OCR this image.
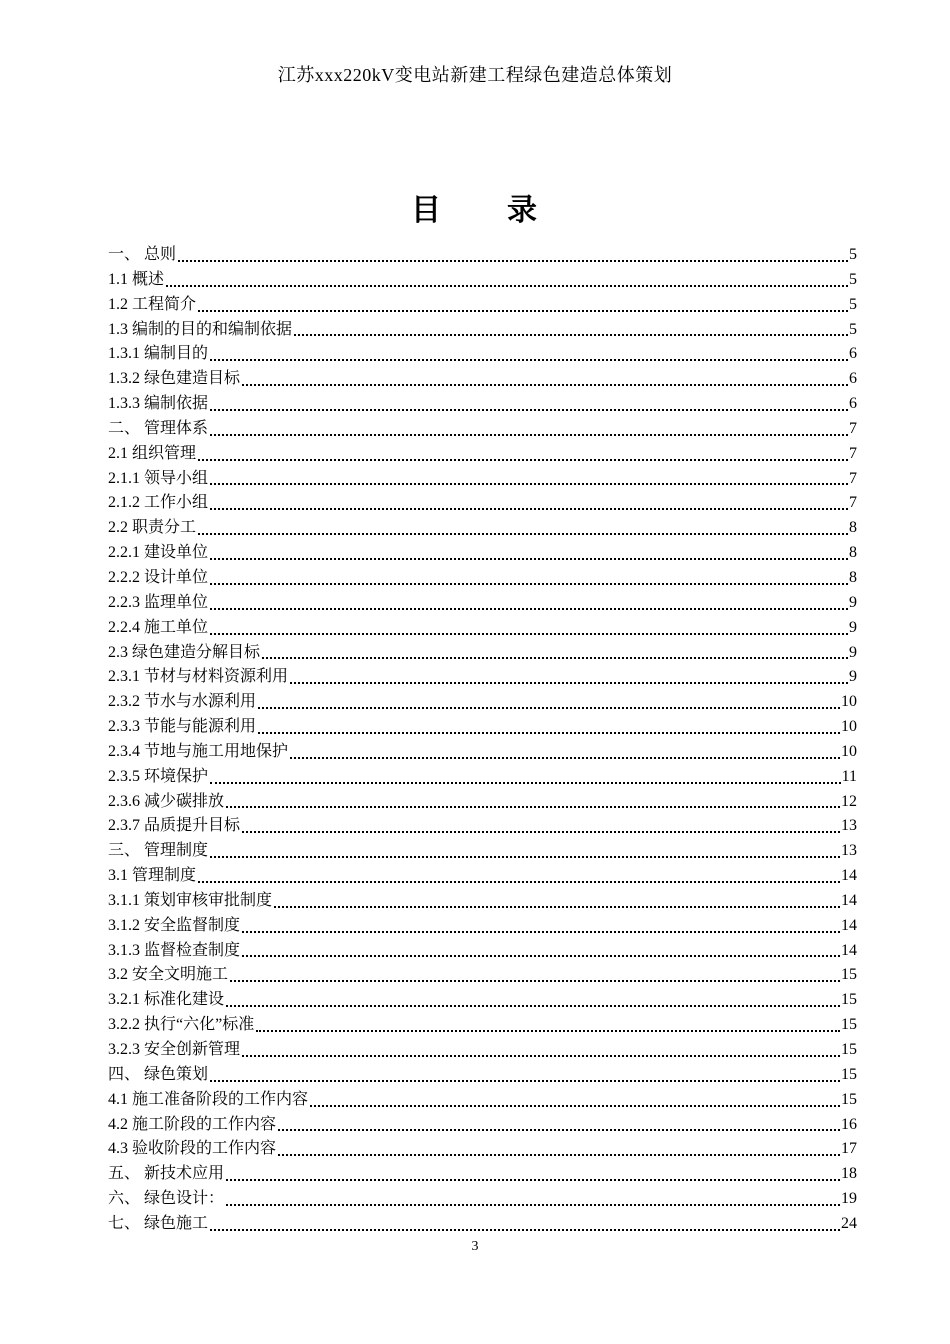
江苏xxx220kV变电站新建工程绿色建造总体策划
目　　录
一、 总则	5
1.1 概述	5
1.2 工程简介	5
1.3 编制的目的和编制依据	5
1.3.1 编制目的	6
1.3.2 绿色建造目标	6
1.3.3 编制依据	6
二、 管理体系	7
2.1 组织管理	7
2.1.1 领导小组	7
2.1.2 工作小组	7
2.2 职责分工	8
2.2.1 建设单位	8
2.2.2 设计单位	8
2.2.3 监理单位	9
2.2.4 施工单位	9
2.3 绿色建造分解目标	9
2.3.1 节材与材料资源利用	9
2.3.2 节水与水源利用	10
2.3.3 节能与能源利用	10
2.3.4 节地与施工用地保护	10
2.3.5 环境保护	11
2.3.6 减少碳排放	12
2.3.7 品质提升目标	13
三、 管理制度	13
3.1 管理制度	14
3.1.1 策划审核审批制度	14
3.1.2 安全监督制度	14
3.1.3 监督检查制度	14
3.2 安全文明施工	15
3.2.1 标准化建设	15
3.2.2 执行“六化”标准	15
3.2.3 安全创新管理	15
四、 绿色策划	15
4.1 施工准备阶段的工作内容	15
4.2 施工阶段的工作内容	16
4.3 验收阶段的工作内容	17
五、 新技术应用	18
六、 绿色设计：	19
七、 绿色施工	24
3
